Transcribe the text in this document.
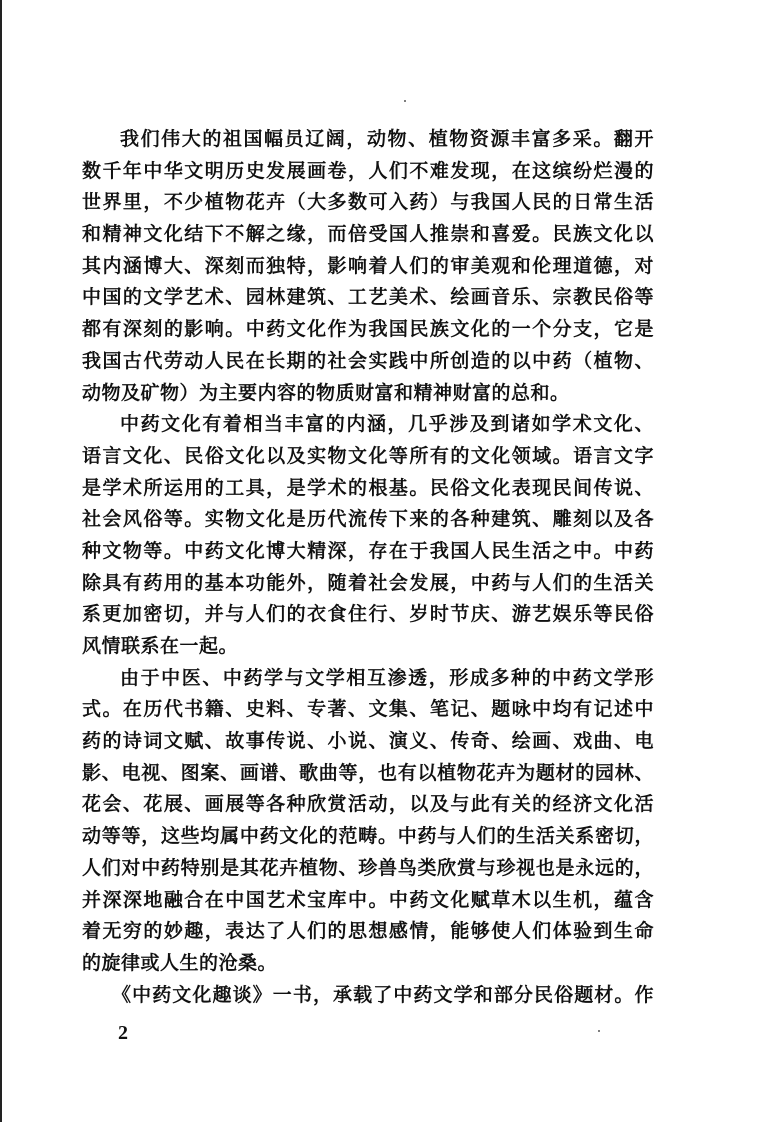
我们伟大的祖国幅员辽阔，动物、植物资源丰富多采。翻开
数千年中华文明历史发展画卷，人们不难发现，在这缤纷烂漫的
世界里，不少植物花卉（大多数可入药）与我国人民的日常生活
和精神文化结下不解之缘，而倍受国人推崇和喜爱。民族文化以
其内涵博大、深刻而独特，影响着人们的审美观和伦理道德，对
中国的文学艺术、园林建筑、工艺美术、绘画音乐、宗教民俗等
都有深刻的影响。中药文化作为我国民族文化的一个分支，它是
我国古代劳动人民在长期的社会实践中所创造的以中药（植物、
动物及矿物）为主要内容的物质财富和精神财富的总和。
中药文化有着相当丰富的内涵，几乎涉及到诸如学术文化、
语言文化、民俗文化以及实物文化等所有的文化领域。语言文字
是学术所运用的工具，是学术的根基。民俗文化表现民间传说、
社会风俗等。实物文化是历代流传下来的各种建筑、雕刻以及各
种文物等。中药文化博大精深，存在于我国人民生活之中。中药
除具有药用的基本功能外，随着社会发展，中药与人们的生活关
系更加密切，并与人们的衣食住行、岁时节庆、游艺娱乐等民俗
风情联系在一起。
由于中医、中药学与文学相互渗透，形成多种的中药文学形
式。在历代书籍、史料、专著、文集、笔记、题咏中均有记述中
药的诗词文赋、故事传说、小说、演义、传奇、绘画、戏曲、电
影、电视、图案、画谱、歌曲等，也有以植物花卉为题材的园林、
花会、花展、画展等各种欣赏活动，以及与此有关的经济文化活
动等等，这些均属中药文化的范畴。中药与人们的生活关系密切，
人们对中药特别是其花卉植物、珍兽鸟类欣赏与珍视也是永远的，
并深深地融合在中国艺术宝库中。中药文化赋草木以生机，蕴含
着无穷的妙趣，表达了人们的思想感情，能够使人们体验到生命
的旋律或人生的沧桑。
《中药文化趣谈》一书，承载了中药文学和部分民俗题材。作
2
